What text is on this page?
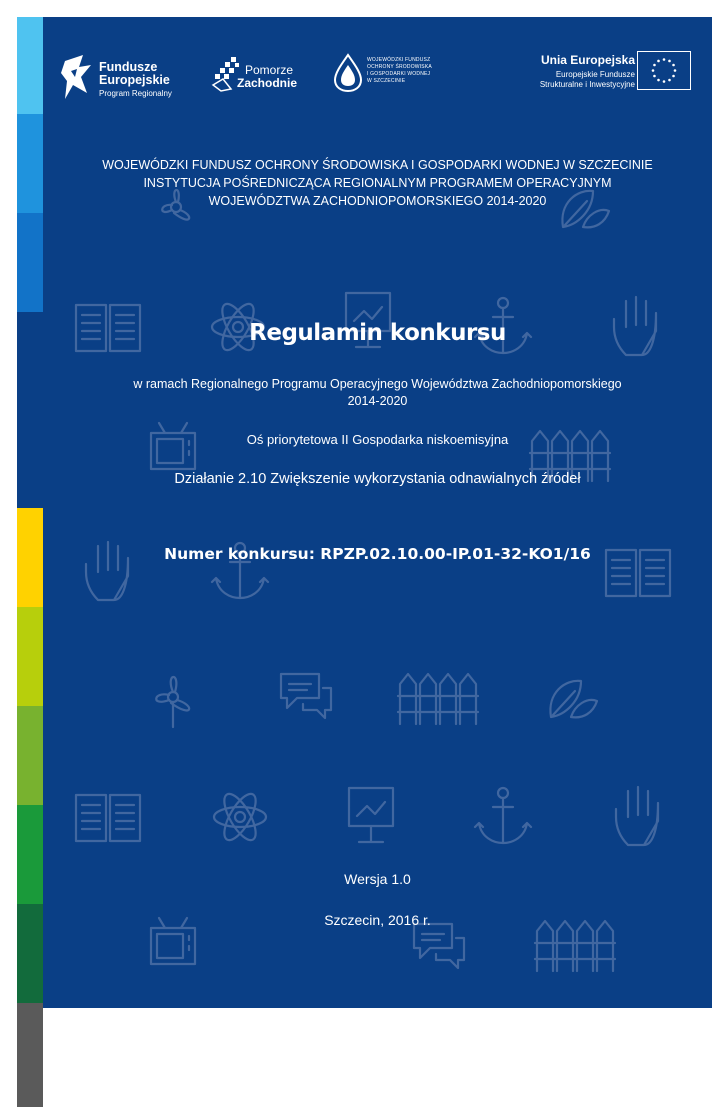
Fundusze
Europejskie
Program Regionalny
Pomorze
Zachodnie
WOJEWÓDZKI FUNDUSZ
OCHRONY ŚRODOWISKA
I GOSPODARKI WODNEJ
W SZCZECINIE
Unia Europejska
Europejskie Fundusze
Strukturalne i Inwestycyjne
WOJEWÓDZKI FUNDUSZ OCHRONY ŚRODOWISKA I GOSPODARKI WODNEJ W SZCZECINIE
INSTYTUCJA POŚREDNICZĄCA REGIONALNYM PROGRAMEM OPERACYJNYM
WOJEWÓDZTWA ZACHODNIOPOMORSKIEGO 2014-2020
Regulamin konkursu
w ramach Regionalnego Programu Operacyjnego Województwa Zachodniopomorskiego
2014-2020
Oś priorytetowa II Gospodarka niskoemisyjna
Działanie 2.10 Zwiększenie wykorzystania odnawialnych źródeł
Numer konkursu: RPZP.02.10.00-IP.01-32-KO1/16
Wersja 1.0
Szczecin, 2016 r.
